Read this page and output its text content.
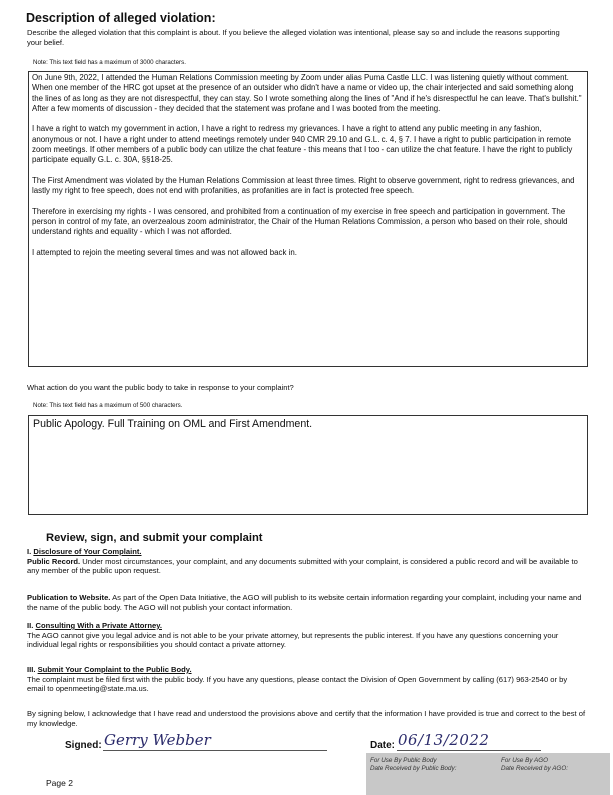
Description of alleged violation:
Describe the alleged violation that this complaint is about. If you believe the alleged violation was intentional, please say so and include the reasons supporting your belief.
Note: This text field has a maximum of 3000 characters.

On June 9th, 2022, I attended the Human Relations Commission meeting by Zoom under alias Puma Castle LLC. I was listening quietly without comment. When one member of the HRC got upset at the presence of an outsider who didn't have a name or video up, the chair interjected and said something along the lines of as long as they are not disrespectful, they can stay. So I wrote something along the lines of "And if he's disrespectful he can leave. That's bullshit." After a few moments of discussion - they decided that the statement was profane and I was booted from the meeting.

I have a right to watch my government in action, I have a right to redress my grievances. I have a right to attend any public meeting in any fashion, anonymous or not. I have a right under to attend meetings remotely under 940 CMR 29.10 and G.L. c. 4, § 7. I have a right to public participation in remote zoom meetings. If other members of a public body can utilize the chat feature - this means that I too - can utilize the chat feature. I have the right to publicly participate equally G.L. c. 30A, §§18-25.

The First Amendment was violated by the Human Relations Commission at least three times. Right to observe government, right to redress grievances, and lastly my right to free speech, does not end with profanities, as profanities are in fact is protected free speech.

Therefore in exercising my rights - I was censored, and prohibited from a continuation of my exercise in free speech and participation in government. The person in control of my fate, an overzealous zoom administrator, the Chair of the Human Relations Commission, a person who based on their role, should understand rights and equality - which I was not afforded.

I attempted to rejoin the meeting several times and was not allowed back in.

What action do you want the public body to take in response to your complaint?
Note: This text field has a maximum of 500 characters.
Public Apology. Full Training on OML and First Amendment.
Review, sign, and submit your complaint
I. Disclosure of Your Complaint.
Public Record. Under most circumstances, your complaint, and any documents submitted with your complaint, is considered a public record and will be available to any member of the public upon request.
Publication to Website. As part of the Open Data Initiative, the AGO will publish to its website certain information regarding your complaint, including your name and the name of the public body. The AGO will not publish your contact information.
II. Consulting With a Private Attorney.
The AGO cannot give you legal advice and is not able to be your private attorney, but represents the public interest. If you have any questions concerning your individual legal rights or responsibilities you should contact a private attorney.
III. Submit Your Complaint to the Public Body.
The complaint must be filed first with the public body. If you have any questions, please contact the Division of Open Government by calling (617) 963-2540 or by email to openmeeting@state.ma.us.
By signing below, I acknowledge that I have read and understood the provisions above and certify that the information I have provided is true and correct to the best of my knowledge.
Signed: Gerry Webber	Date: 06/13/2022
For Use By Public Body
Date Received by Public Body:
For Use By AGO
Date Received by AGO:
Page 2
